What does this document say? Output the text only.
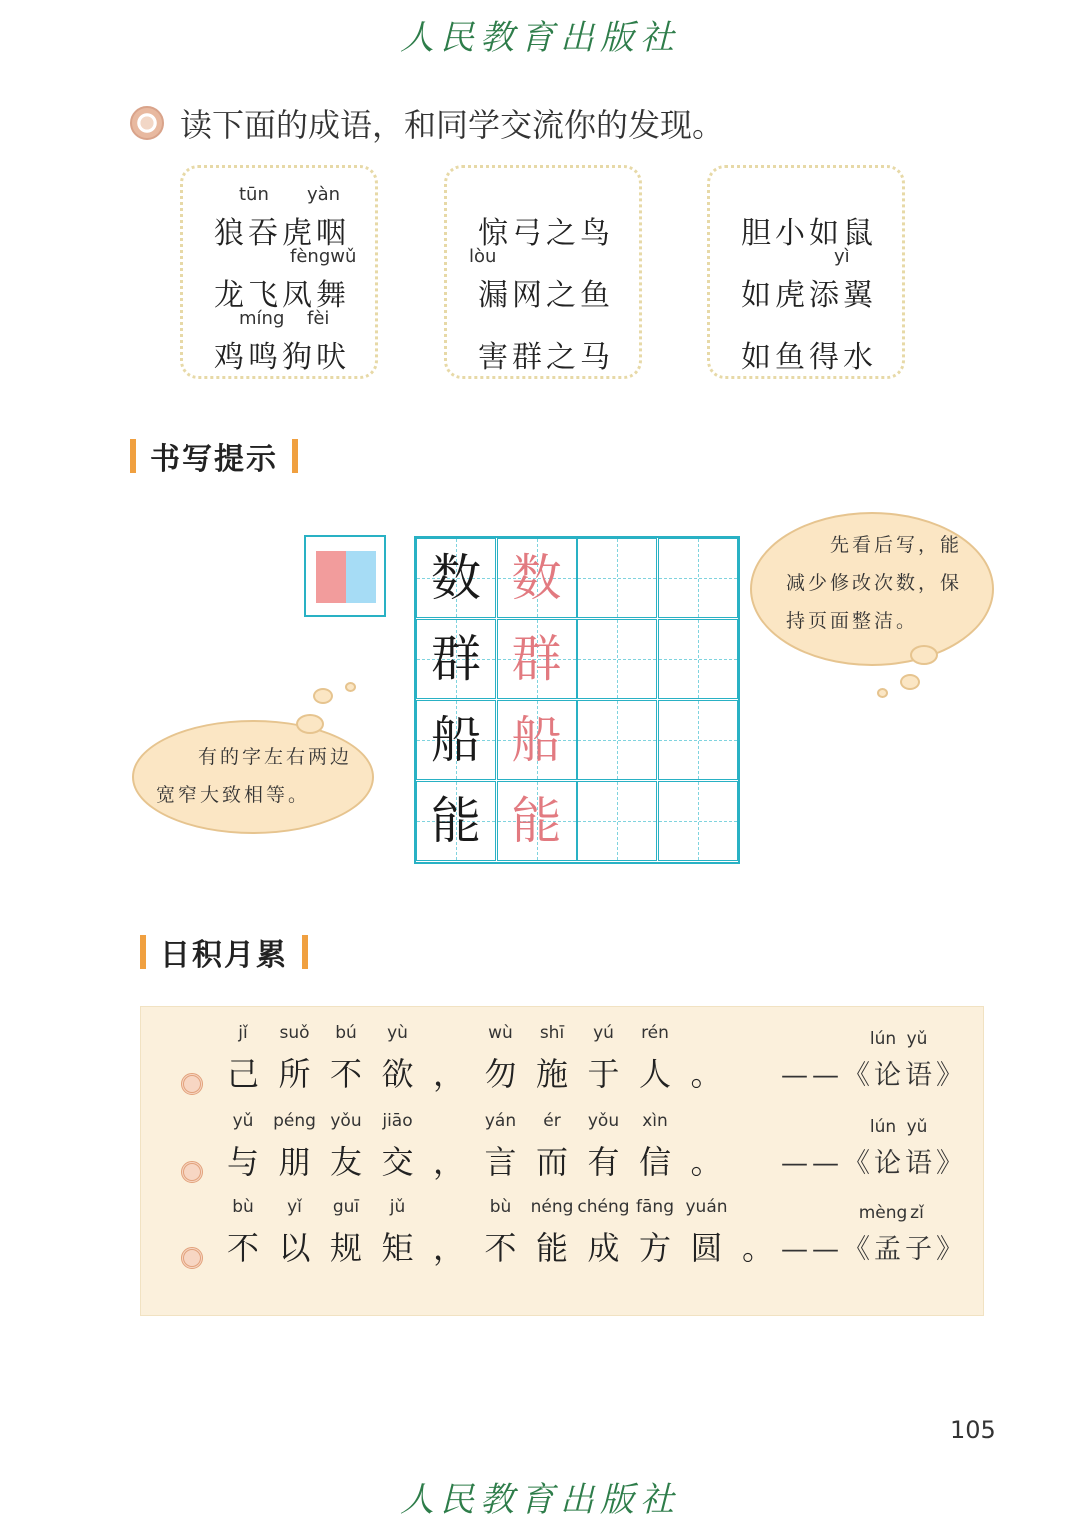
人民教育出版社
读下面的成语，和同学交流你的发现。
狼吞虎咽
tūn yàn
龙飞凤舞
fèngwǔ
鸡鸣狗吠
míng fèi
惊弓之鸟
漏网之鱼
lòu
害群之马
胆小如鼠
如虎添翼
yì
如鱼得水
书写提示
数 数
群 群
船 船
能 能
先看后写，能
减少修改次数，保
持页面整洁。
有的字左右两边
宽窄大致相等。
日积月累
己
jǐ
所
suǒ
不
bú
欲
yù
， 勿
wù
施
shī
于
yú
人
rén
。	——《论语》
lún yǔ
与
yǔ
朋
péng
友
yǒu
交
jiāo
， 言
yán
而
ér
有
yǒu
信
xìn
。	——《论语》
lún yǔ
不
bù
以
yǐ
规
guī
矩
jǔ
， 不
bù
能
néng
成
chéng
方
fāng
圆
yuán
。 ——《孟子》
mèng zǐ
105
人民教育出版社
